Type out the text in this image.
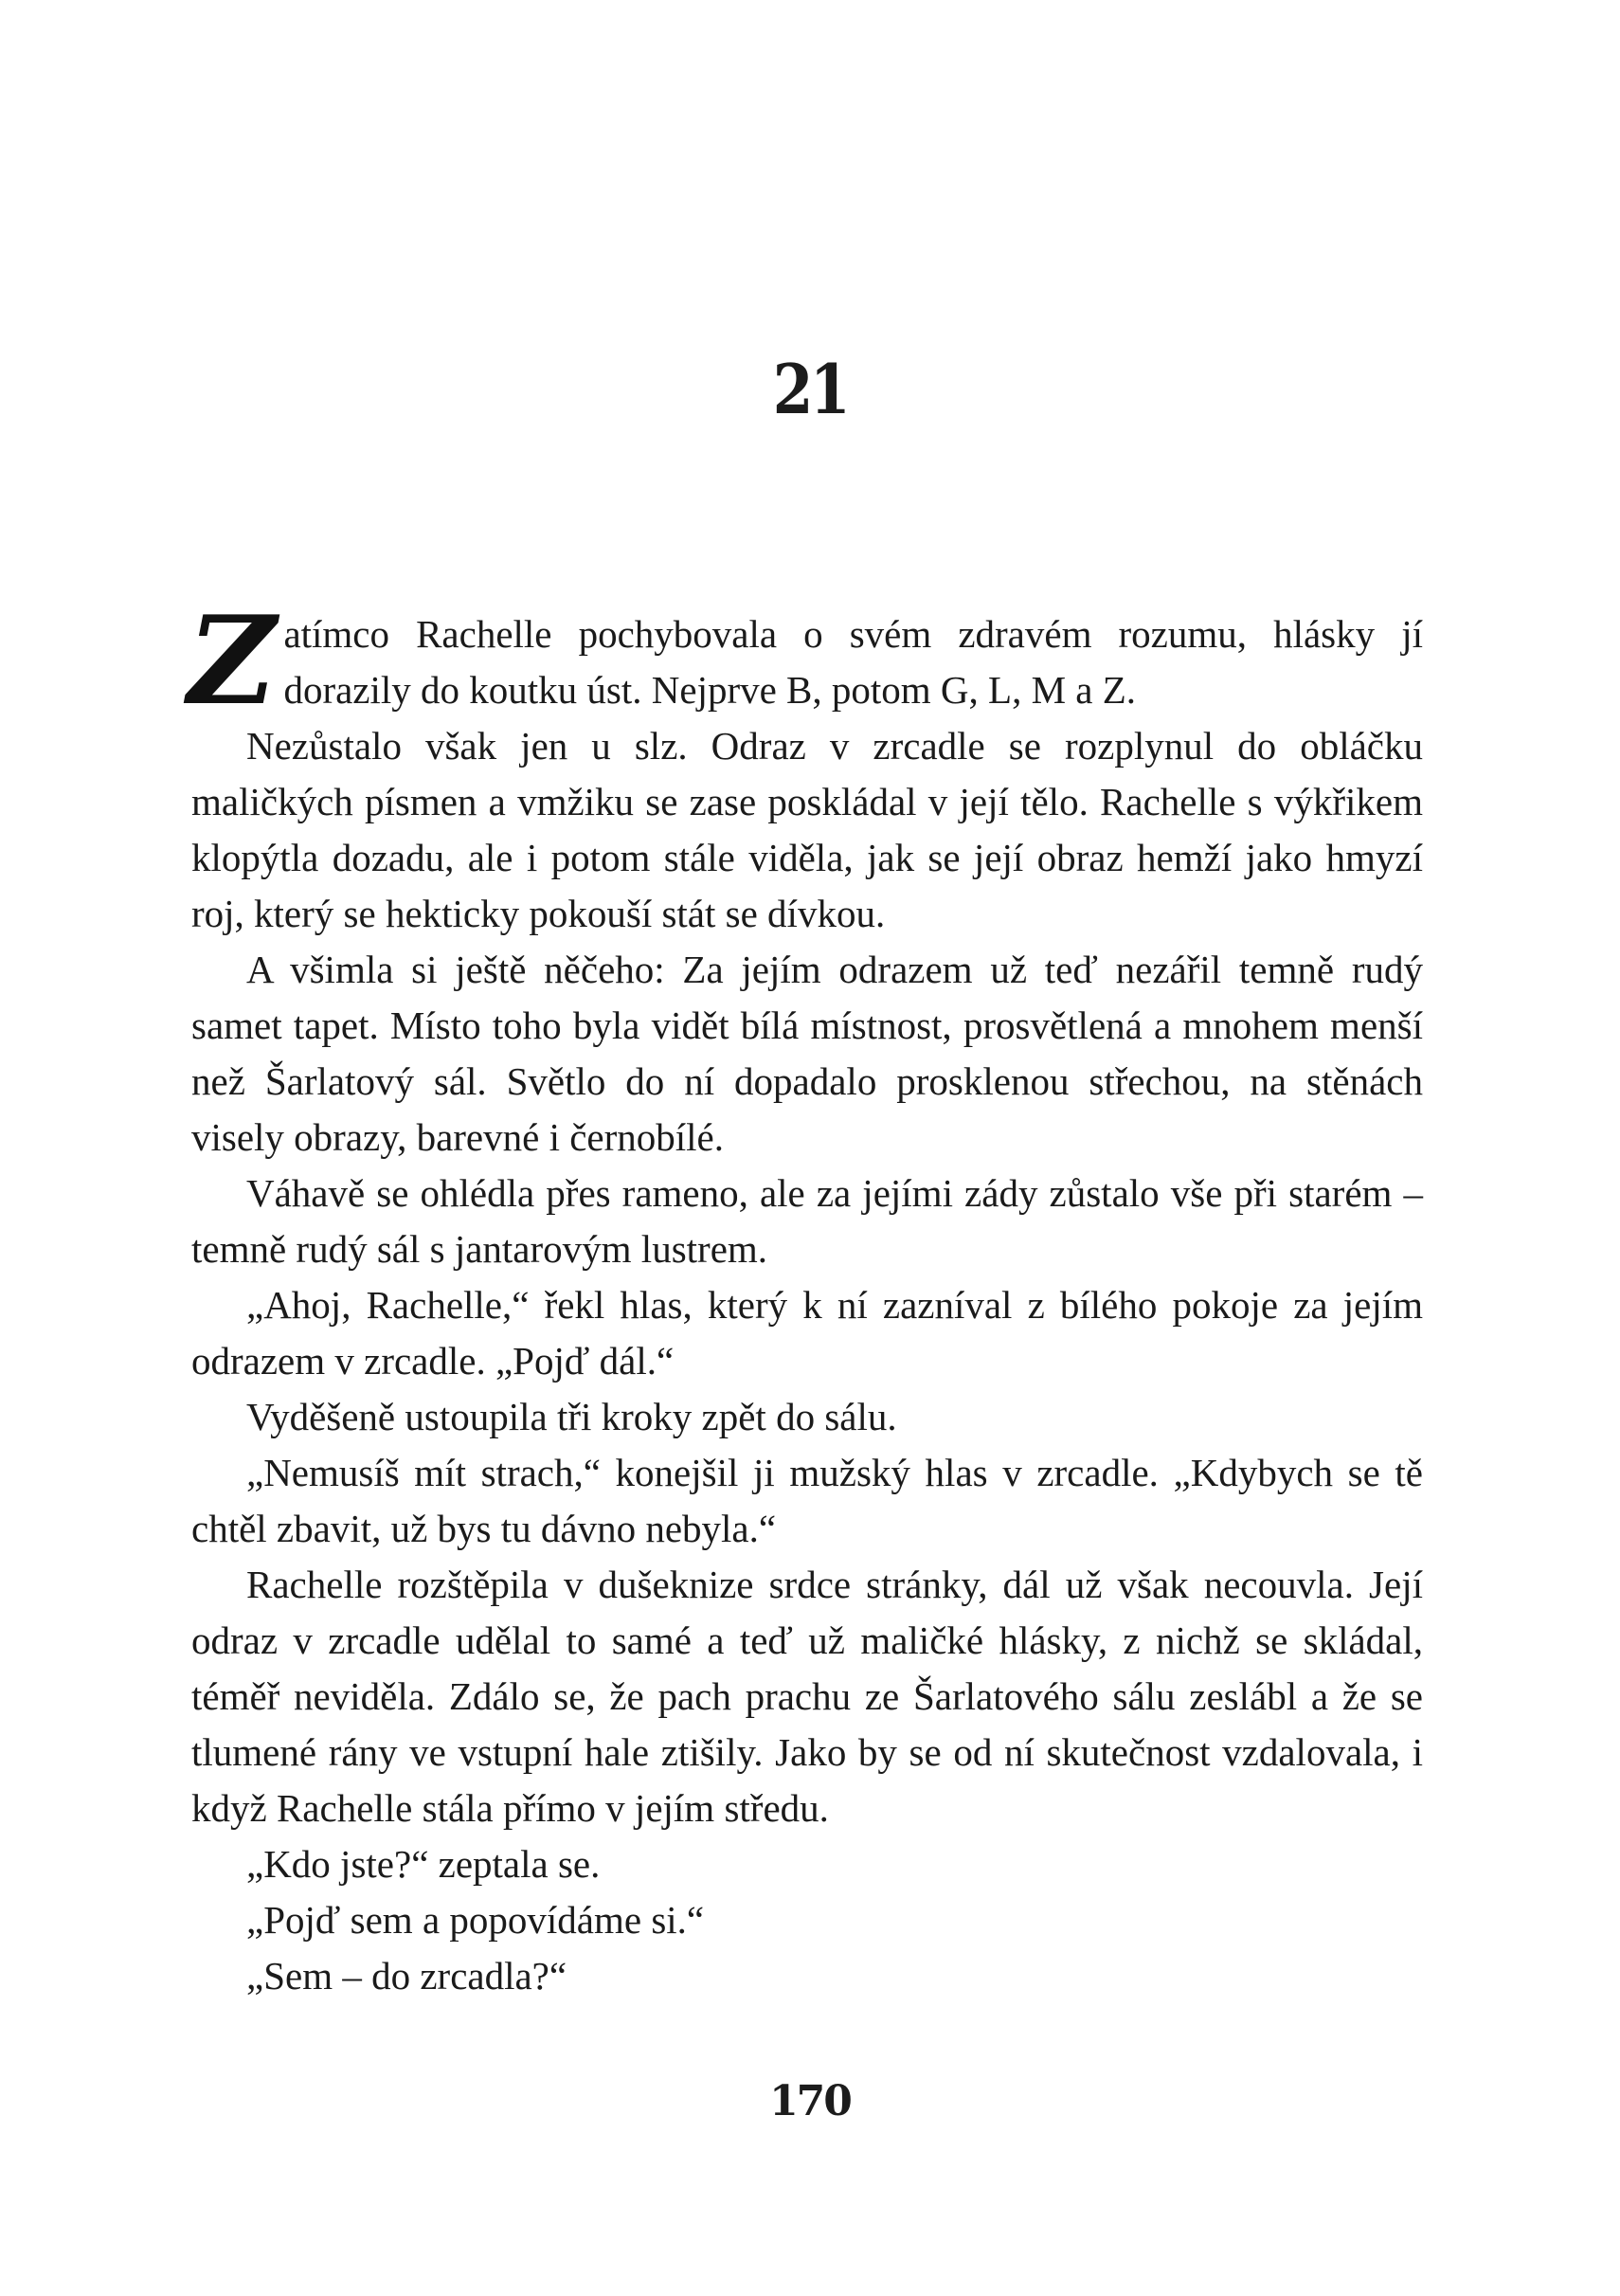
21

Zatímco Rachelle pochybovala o svém zdravém rozumu, hlásky jí dorazily do koutku úst. Nejprve B, potom G, L, M a Z.

Nezůstalo však jen u slz. Odraz v zrcadle se rozplynul do obláčku maličkých písmen a vmžiku se zase poskládal v její tělo. Rachelle s výkřikem klopýtla dozadu, ale i potom stále viděla, jak se její obraz hemží jako hmyzí roj, který se hekticky pokouší stát se dívkou.

A všimla si ještě něčeho: Za jejím odrazem už teď nezářil temně rudý samet tapet. Místo toho byla vidět bílá místnost, prosvětlená a mnohem menší než Šarlatový sál. Světlo do ní dopadalo prosklenou střechou, na stěnách visely obrazy, barevné i černobílé.

Váhavě se ohlédla přes rameno, ale za jejími zády zůstalo vše při starém – temně rudý sál s jantarovým lustrem.

„Ahoj, Rachelle,“ řekl hlas, který k ní zazníval z bílého pokoje za jejím odrazem v zrcadle. „Pojď dál.“

Vyděšeně ustoupila tři kroky zpět do sálu.

„Nemusíš mít strach,“ konejšil ji mužský hlas v zrcadle. „Kdybych se tě chtěl zbavit, už bys tu dávno nebyla.“

Rachelle rozštěpila v dušeknize srdce stránky, dál už však necouvla. Její odraz v zrcadle udělal to samé a teď už maličké hlásky, z nichž se skládal, téměř neviděla. Zdálo se, že pach prachu ze Šarlatového sálu zeslábl a že se tlumené rány ve vstupní hale ztišily. Jako by se od ní skutečnost vzdalovala, i když Rachelle stála přímo v jejím středu.

„Kdo jste?“ zeptala se.

„Pojď sem a popovídáme si.“

„Sem – do zrcadla?“

170
